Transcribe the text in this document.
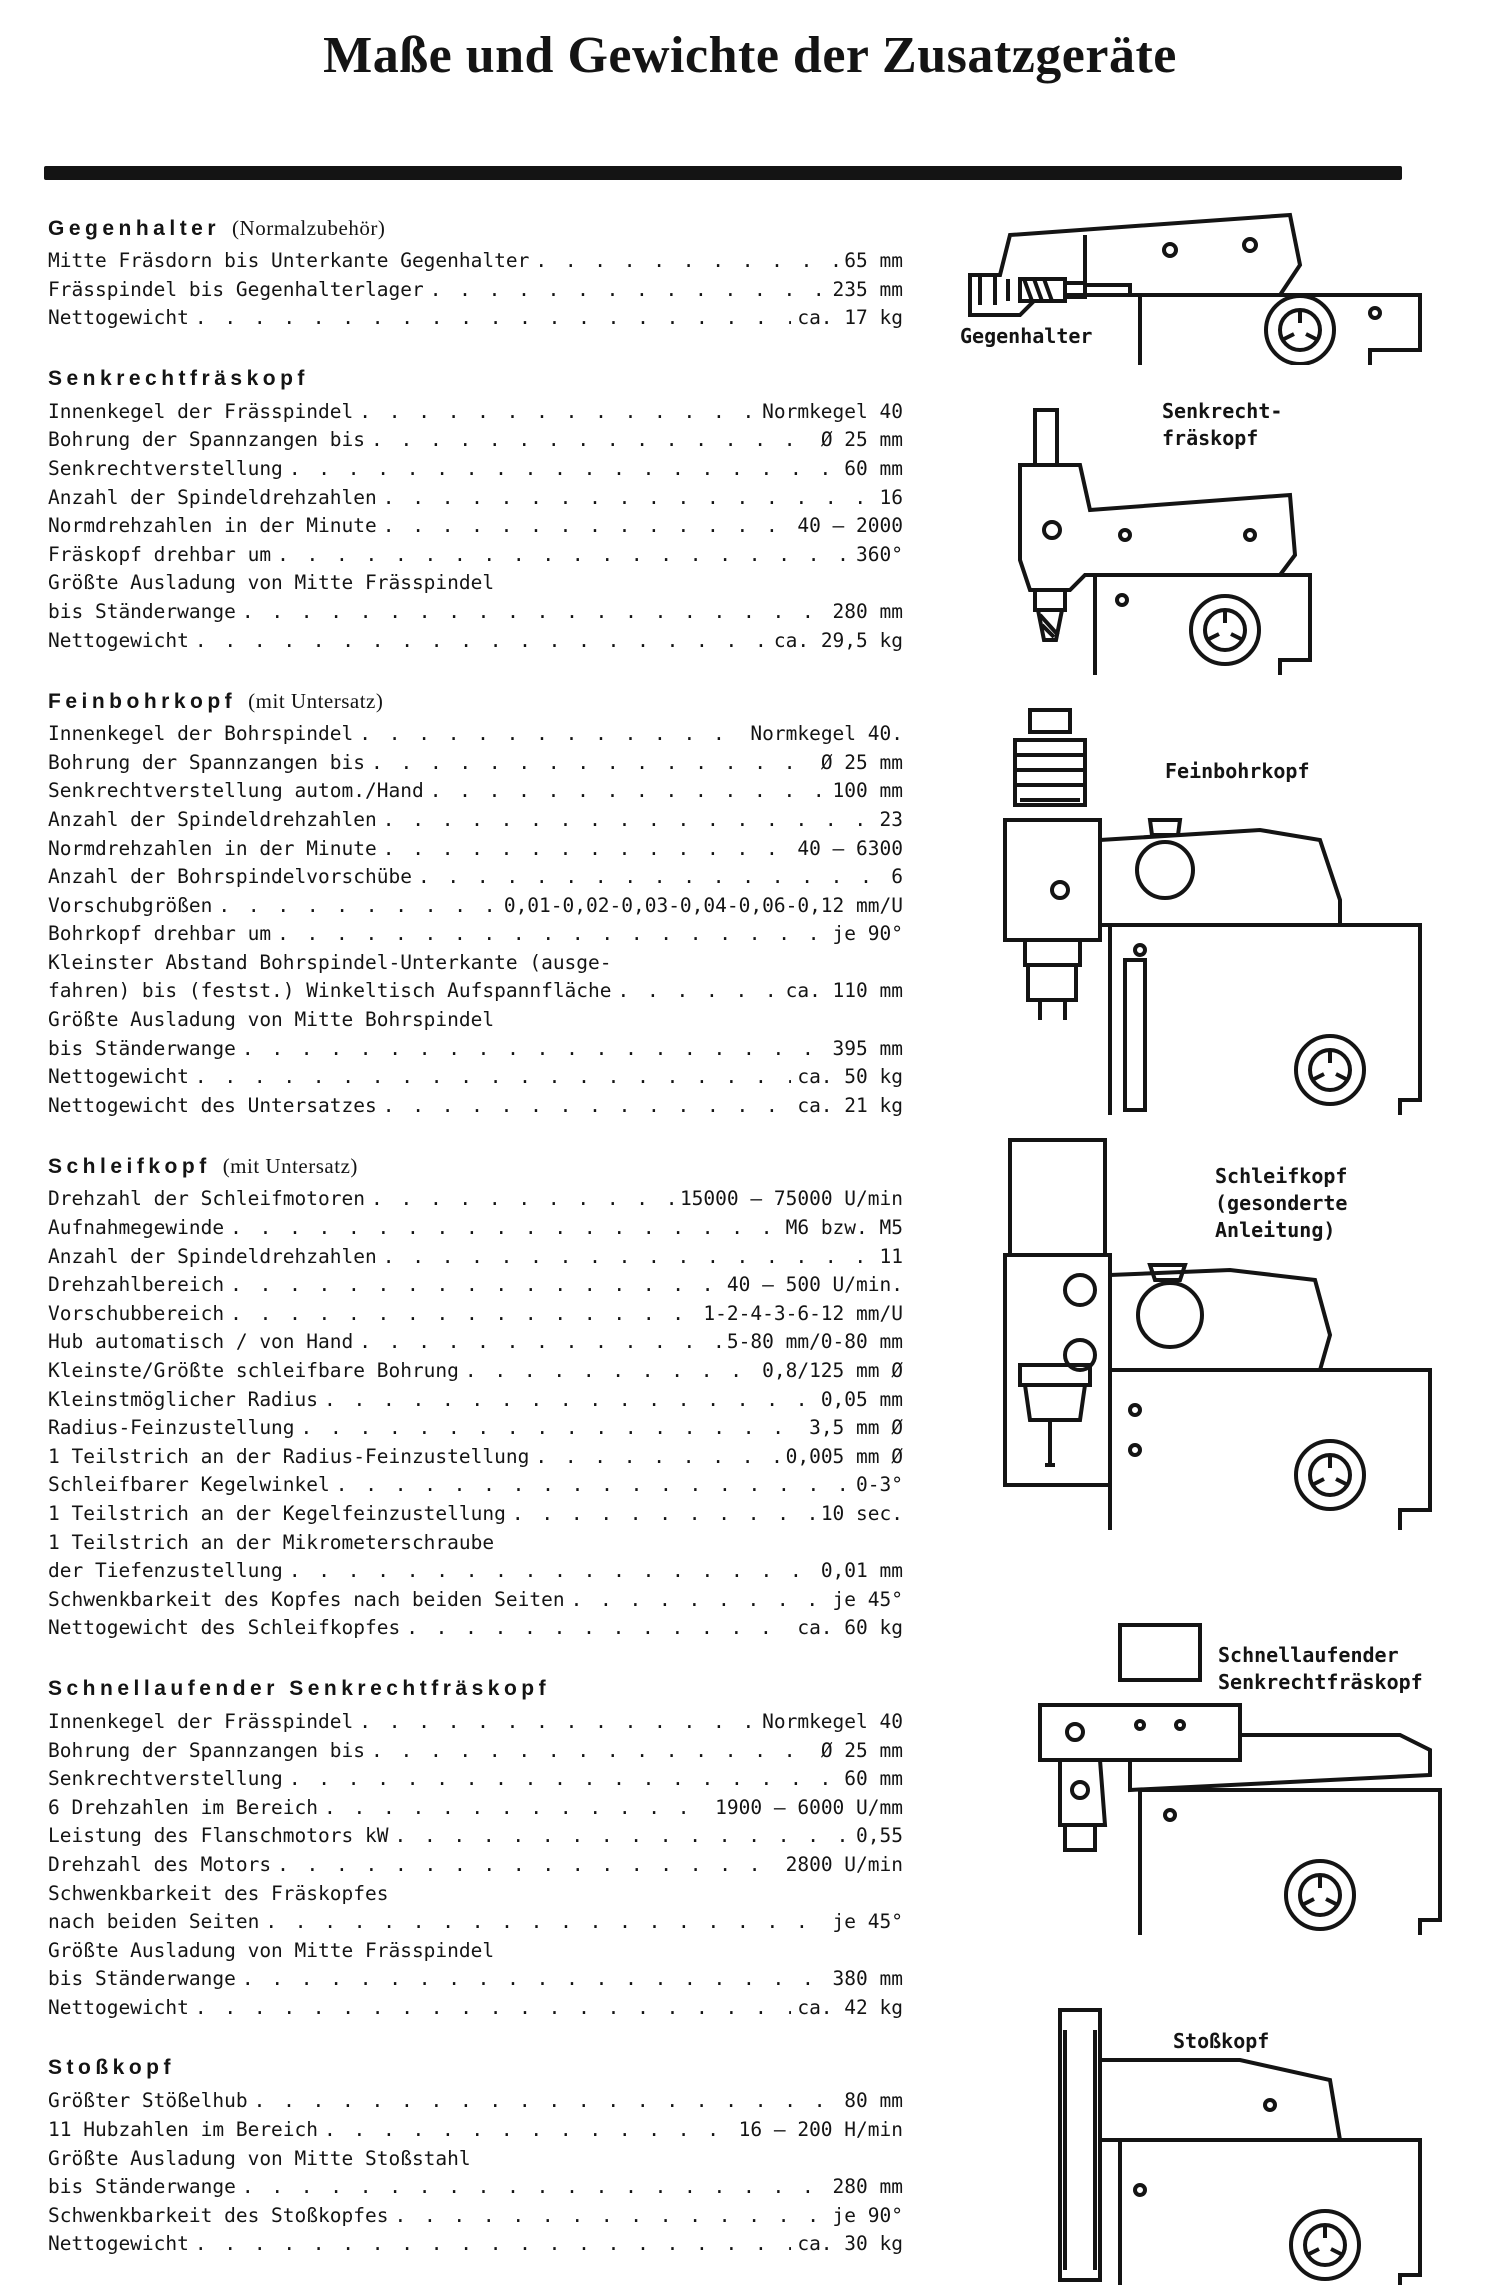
Maße und Gewichte der Zusatzgeräte
Gegenhalter (Normalzubehör)
Mitte Fräsdorn bis Unterkante Gegenhalter . . .	65 mm
Frässpindel bis Gegenhalterlager . . .	235 mm
Nettogewicht . . .	ca. 17 kg
Senkrechtfräskopf
Innenkegel der Frässpindel . . .	Normkegel 40
Bohrung der Spannzangen bis . . .	Ø 25 mm
Senkrechtverstellung . . .	60 mm
Anzahl der Spindeldrehzahlen . . .	16
Normdrehzahlen in der Minute . . .	40 — 2000
Fräskopf drehbar um . . .	360°
Größte Ausladung von Mitte Frässpindel
bis Ständerwange . . .	280 mm
Nettogewicht . . .	ca. 29,5 kg
Feinbohrkopf (mit Untersatz)
Innenkegel der Bohrspindel . . .	Normkegel 40.
Bohrung der Spannzangen bis . . .	Ø 25 mm
Senkrechtverstellung autom./Hand . . .	100 mm
Anzahl der Spindeldrehzahlen . . .	23
Normdrehzahlen in der Minute . . .	40 — 6300
Anzahl der Bohrspindelvorschübe . . .	6
Vorschubgrößen . . .	0,01-0,02-0,03-0,04-0,06-0,12 mm/U
Bohrkopf drehbar um . . .	je 90°
Kleinster Abstand Bohrspindel-Unterkante (ausge-
fahren) bis (festst.) Winkeltisch Aufspannfläche . . .	ca. 110 mm
Größte Ausladung von Mitte Bohrspindel
bis Ständerwange . . .	395 mm
Nettogewicht . . .	ca. 50 kg
Nettogewicht des Untersatzes . . .	ca. 21 kg
Schleifkopf (mit Untersatz)
Drehzahl der Schleifmotoren . . .	15000 — 75000 U/min
Aufnahmegewinde . . .	M6 bzw. M5
Anzahl der Spindeldrehzahlen . . .	11
Drehzahlbereich . . .	40 — 500 U/min.
Vorschubbereich . . .	1-2-4-3-6-12 mm/U
Hub automatisch / von Hand . . .	5-80 mm/0-80 mm
Kleinste/Größte schleifbare Bohrung . . .	0,8/125 mm Ø
Kleinstmöglicher Radius . . .	0,05 mm
Radius-Feinzustellung . . .	3,5 mm Ø
1 Teilstrich an der Radius-Feinzustellung . . .	0,005 mm Ø
Schleifbarer Kegelwinkel . . .	0-3°
1 Teilstrich an der Kegelfeinzustellung . . .	10 sec.
1 Teilstrich an der Mikrometerschraube
der Tiefenzustellung . . .	0,01 mm
Schwenkbarkeit des Kopfes nach beiden Seiten . . .	je 45°
Nettogewicht des Schleifkopfes . . .	ca. 60 kg
Schnellaufender Senkrechtfräskopf
Innenkegel der Frässpindel . . .	Normkegel 40
Bohrung der Spannzangen bis . . .	Ø 25 mm
Senkrechtverstellung . . .	60 mm
6 Drehzahlen im Bereich . . .	1900 — 6000 U/mm
Leistung des Flanschmotors kW . . .	0,55
Drehzahl des Motors . . .	2800 U/min
Schwenkbarkeit des Fräskopfes
nach beiden Seiten . . .	je 45°
Größte Ausladung von Mitte Frässpindel
bis Ständerwange . . .	380 mm
Nettogewicht . . .	ca. 42 kg
Stoßkopf
Größter Stößelhub . . .	80 mm
11 Hubzahlen im Bereich . . .	16 — 200 H/min
Größte Ausladung von Mitte Stoßstahl
bis Ständerwange . . .	280 mm
Schwenkbarkeit des Stoßkopfes . . .	je 90°
Nettogewicht . . .	ca. 30 kg
Gegenhalter
Senkrecht-
fräskopf
Feinbohrkopf
Schleifkopf
(gesonderte
Anleitung)
Schnellaufender
Senkrechtfräskopf
Stoßkopf
